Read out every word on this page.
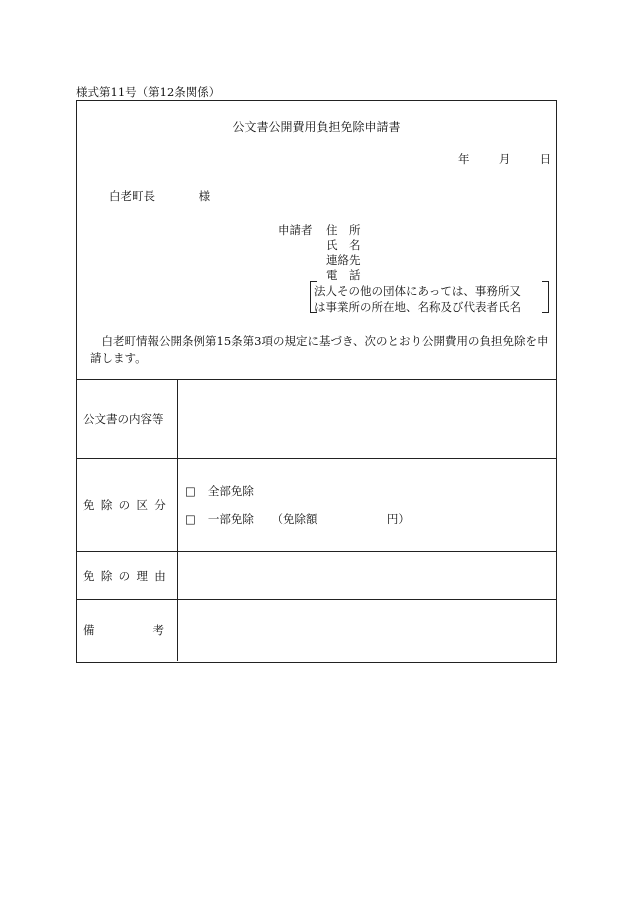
様式第11号（第12条関係）
公文書公開費用負担免除申請書
年	月	日
白老町長	様
申請者 住　所
氏　名
連絡先
電　話
法人その他の団体にあっては、事務所又
は事業所の所在地、名称及び代表者氏名
白老町情報公開条例第15条第3項の規定に基づき、次のとおり公開費用の負担免除を申請します。
公文書の内容等	
免除の区分	□ 全部免除
□ 一部免除 （免除額 円）

免除の理由	
備 考	
